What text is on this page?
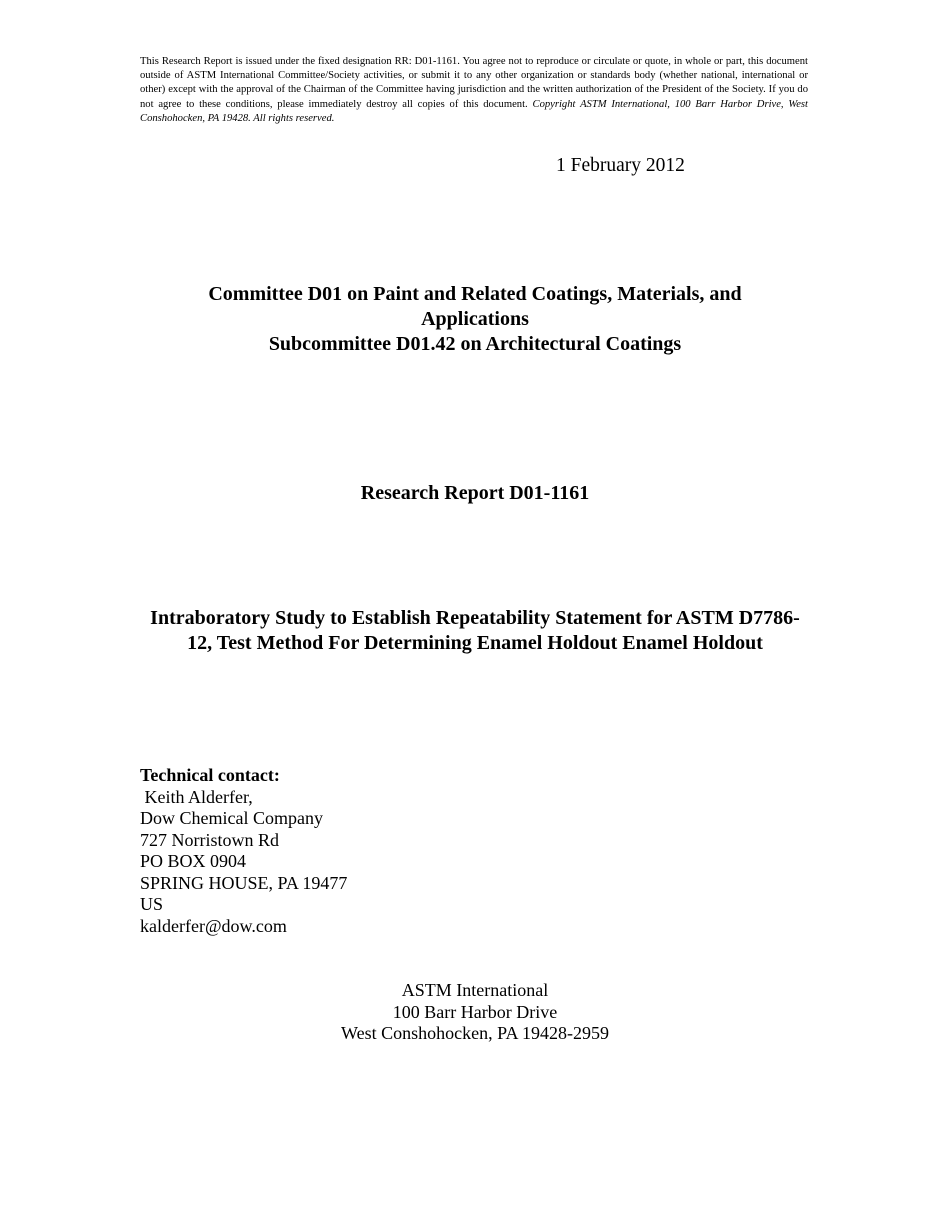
This Research Report is issued under the fixed designation RR: D01-1161. You agree not to reproduce or circulate or quote, in whole or part, this document outside of ASTM International Committee/Society activities, or submit it to any other organization or standards body (whether national, international or other) except with the approval of the Chairman of the Committee having jurisdiction and the written authorization of the President of the Society. If you do not agree to these conditions, please immediately destroy all copies of this document. Copyright ASTM International, 100 Barr Harbor Drive, West Conshohocken, PA 19428. All rights reserved.
1 February 2012
Committee D01 on Paint and Related Coatings, Materials, and Applications
Subcommittee D01.42 on Architectural Coatings
Research Report D01-1161
Intraboratory Study to Establish Repeatability Statement for ASTM D7786-12, Test Method For Determining Enamel Holdout Enamel Holdout
Technical contact:
Keith Alderfer,
Dow Chemical Company
727 Norristown Rd
PO BOX 0904
SPRING HOUSE, PA 19477
US
kalderfer@dow.com
ASTM International
100 Barr Harbor Drive
West Conshohocken, PA 19428-2959
